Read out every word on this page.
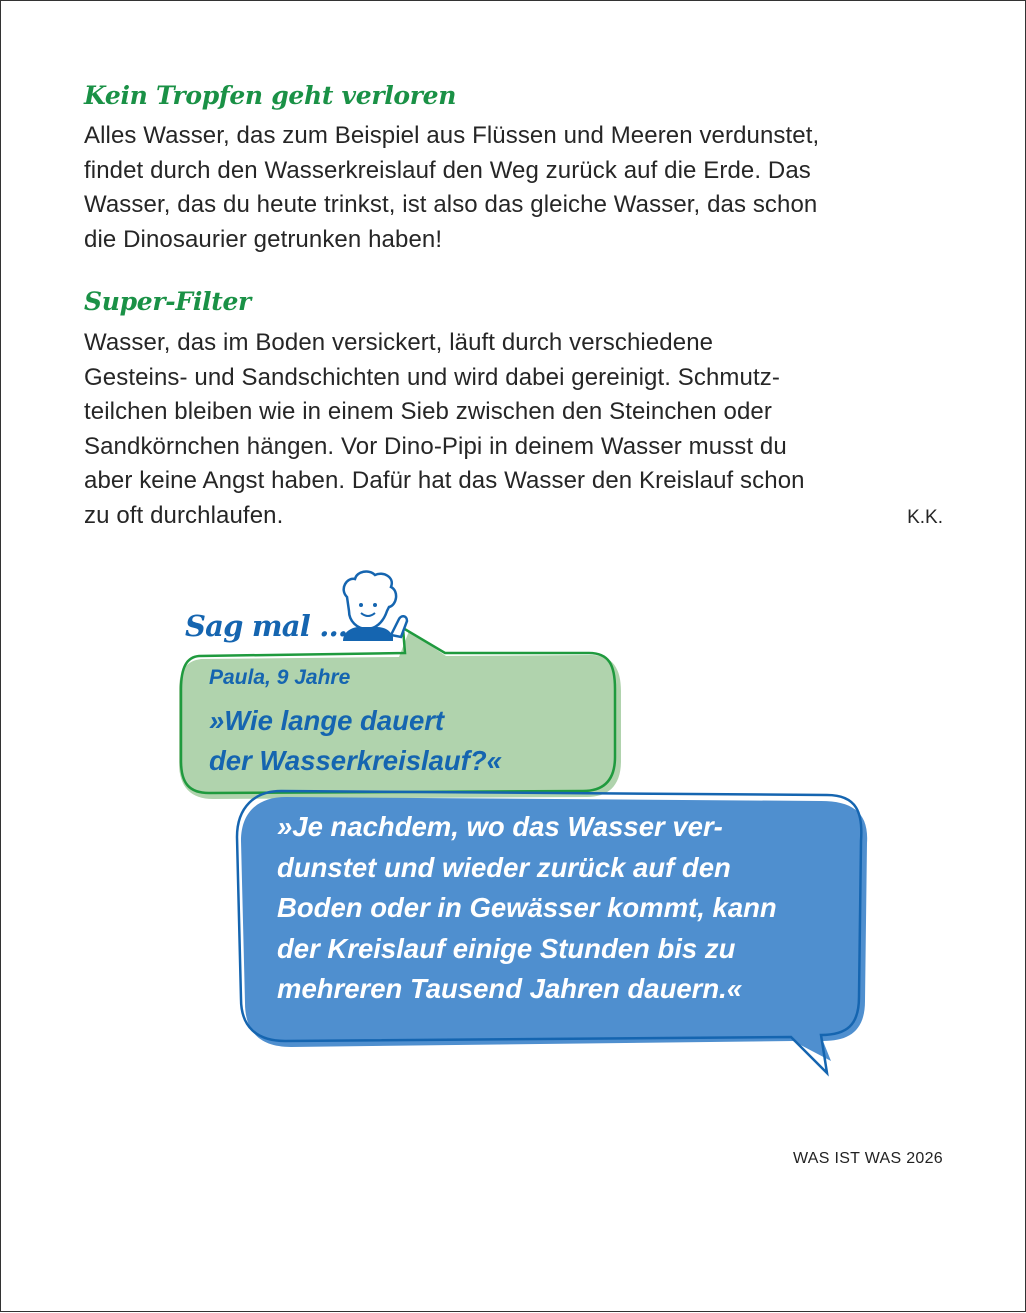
Kein Tropfen geht verloren
Alles Wasser, das zum Beispiel aus Flüssen und Meeren verdunstet,
findet durch den Wasserkreislauf den Weg zurück auf die Erde. Das
Wasser, das du heute trinkst, ist also das gleiche Wasser, das schon
die Dinosaurier getrunken haben!
Super-Filter
Wasser, das im Boden versickert, läuft durch verschiedene
Gesteins- und Sandschichten und wird dabei gereinigt. Schmutz-
teilchen bleiben wie in einem Sieb zwischen den Steinchen oder
Sandkörnchen hängen. Vor Dino-Pipi in deinem Wasser musst du
aber keine Angst haben. Dafür hat das Wasser den Kreislauf schon
zu oft durchlaufen.	K.K.
Sag mal ...
Paula, 9 Jahre
»Wie lange dauert
der Wasserkreislauf?«
»Je nachdem, wo das Wasser ver-
dunstet und wieder zurück auf den
Boden oder in Gewässer kommt, kann
der Kreislauf einige Stunden bis zu
mehreren Tausend Jahren dauern.«
WAS IST WAS 2026
